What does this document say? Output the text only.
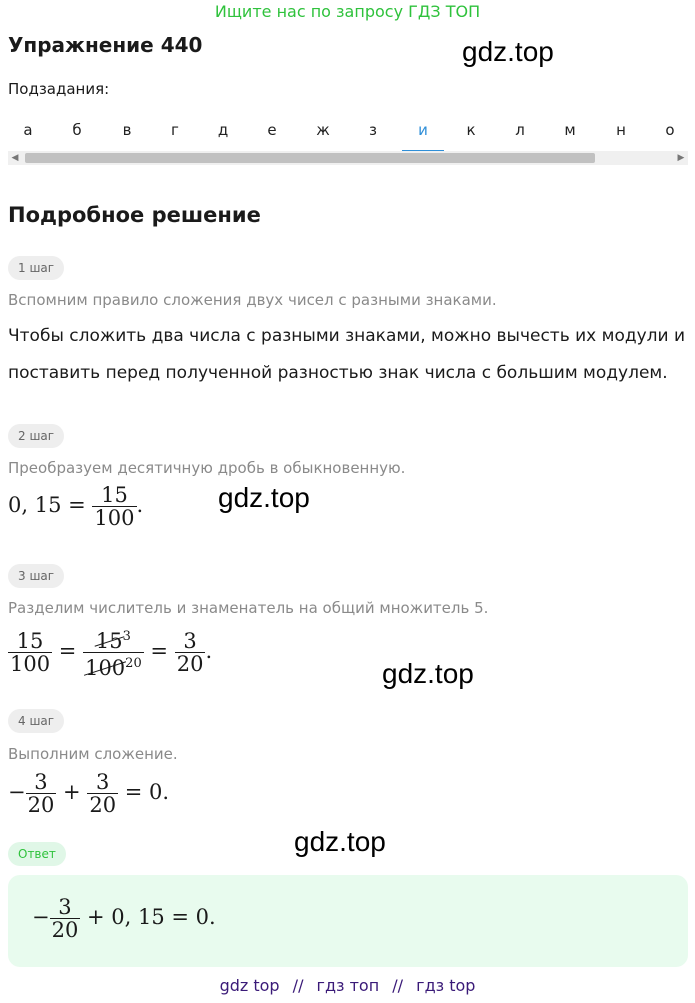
Ищите нас по запросу ГДЗ ТОП
Упражнение 440	gdz.top
Подзадания:
а	б	в	г	д	е	ж	з	и	к	л	м	н	о
◀	▶
Подробное решение
1 шаг
Вспомним правило сложения двух чисел с разными знаками.
Чтобы сложить два числа с разными знаками, можно вычесть их модули и
поставить перед полученной разностью знак числа с большим модулем.
2 шаг
Преобразуем десятичную дробь в обыкновенную.
0, $15 = \frac{15}{100}$ .	gdz.top
3 шаг
Разделим числитель и знаменатель на общий множитель 5.
$\frac{15}{100} = \frac{15^3}{100^{20}} = \frac{3}{20}$ .
gdz.top
4 шаг
Выполним сложение.
− $\frac{3}{20} + \frac{3}{20} = 0$.
gdz.top
Ответ
− $\frac{3}{20} + 0$, 15 = 0.
gdz top // гдз топ // гдз top
